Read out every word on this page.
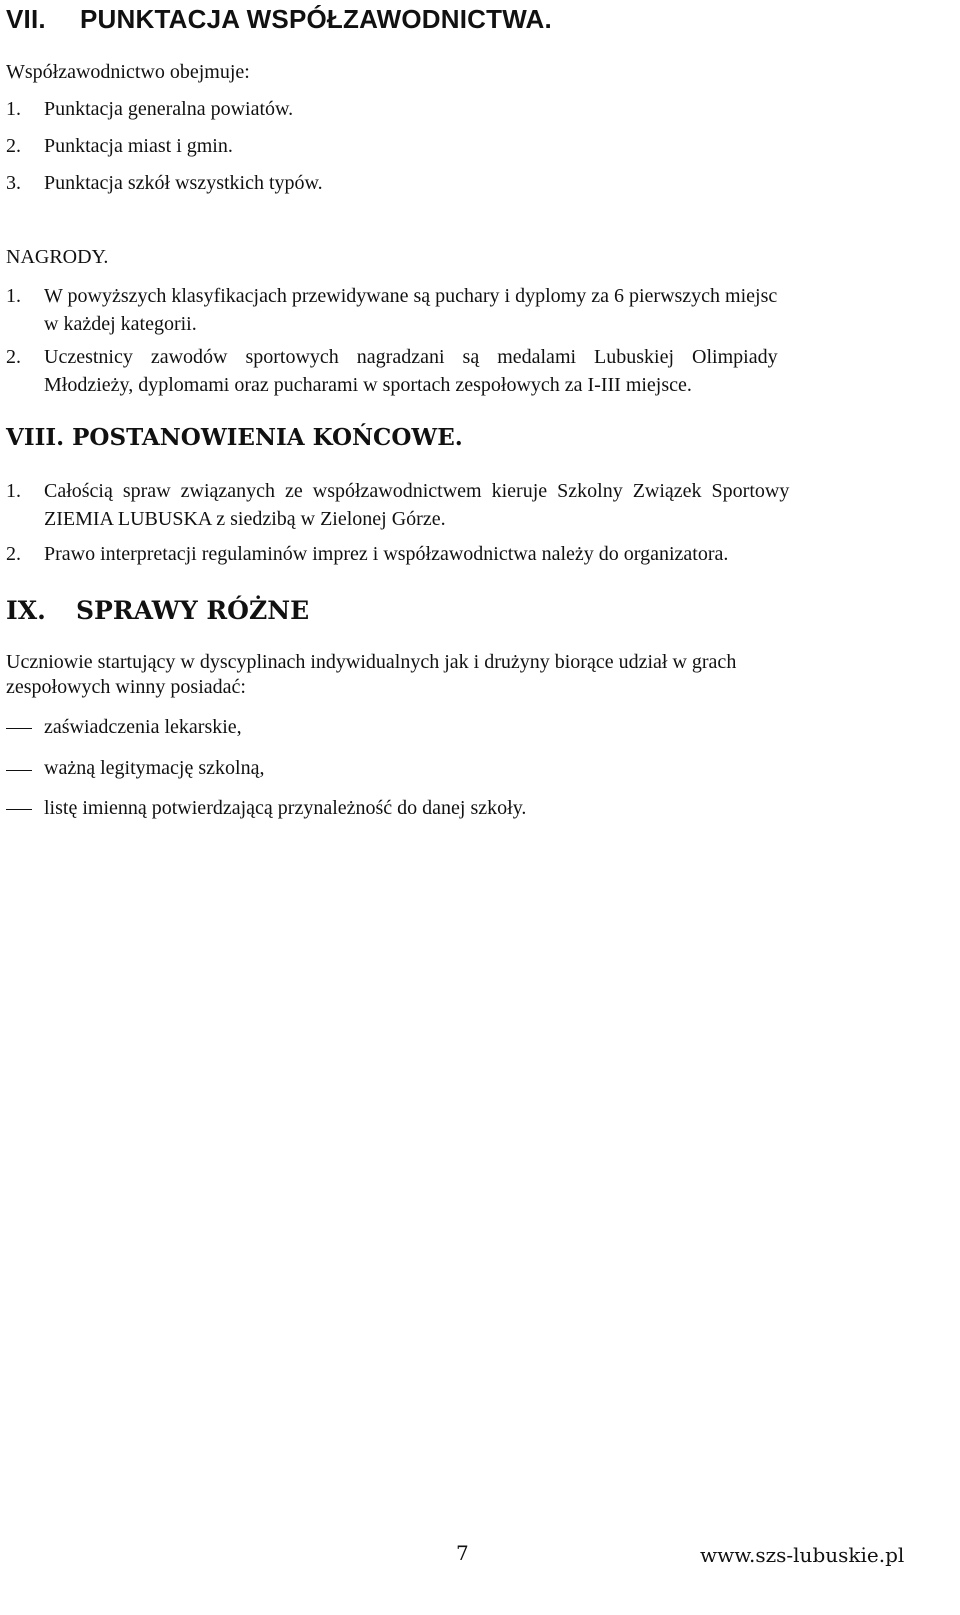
VII. PUNKTACJA WSPÓŁZAWODNICTWA.
Współzawodnictwo obejmuje:
1. Punktacja generalna powiatów.
2. Punktacja miast i gmin.
3. Punktacja szkół wszystkich typów.
NAGRODY.
1. W powyższych klasyfikacjach przewidywane są puchary i dyplomy za 6 pierwszych miejsc
w każdej kategorii.
2. Uczestnicy zawodów sportowych nagradzani są medalami Lubuskiej Olimpiady
Młodzieży, dyplomami oraz pucharami w sportach zespołowych za I-III miejsce.
VIII. POSTANOWIENIA KOŃCOWE.
1. Całością spraw związanych ze współzawodnictwem kieruje Szkolny Związek Sportowy
ZIEMIA LUBUSKA z siedzibą w Zielonej Górze.
2. Prawo interpretacji regulaminów imprez i współzawodnictwa należy do organizatora.
IX. SPRAWY RÓŻNE
Uczniowie startujący w dyscyplinach indywidualnych jak i drużyny biorące udział w grach
zespołowych winny posiadać:
zaświadczenia lekarskie,
ważną legitymację szkolną,
listę imienną potwierdzającą przynależność do danej szkoły.
7	www.szs-lubuskie.pl
